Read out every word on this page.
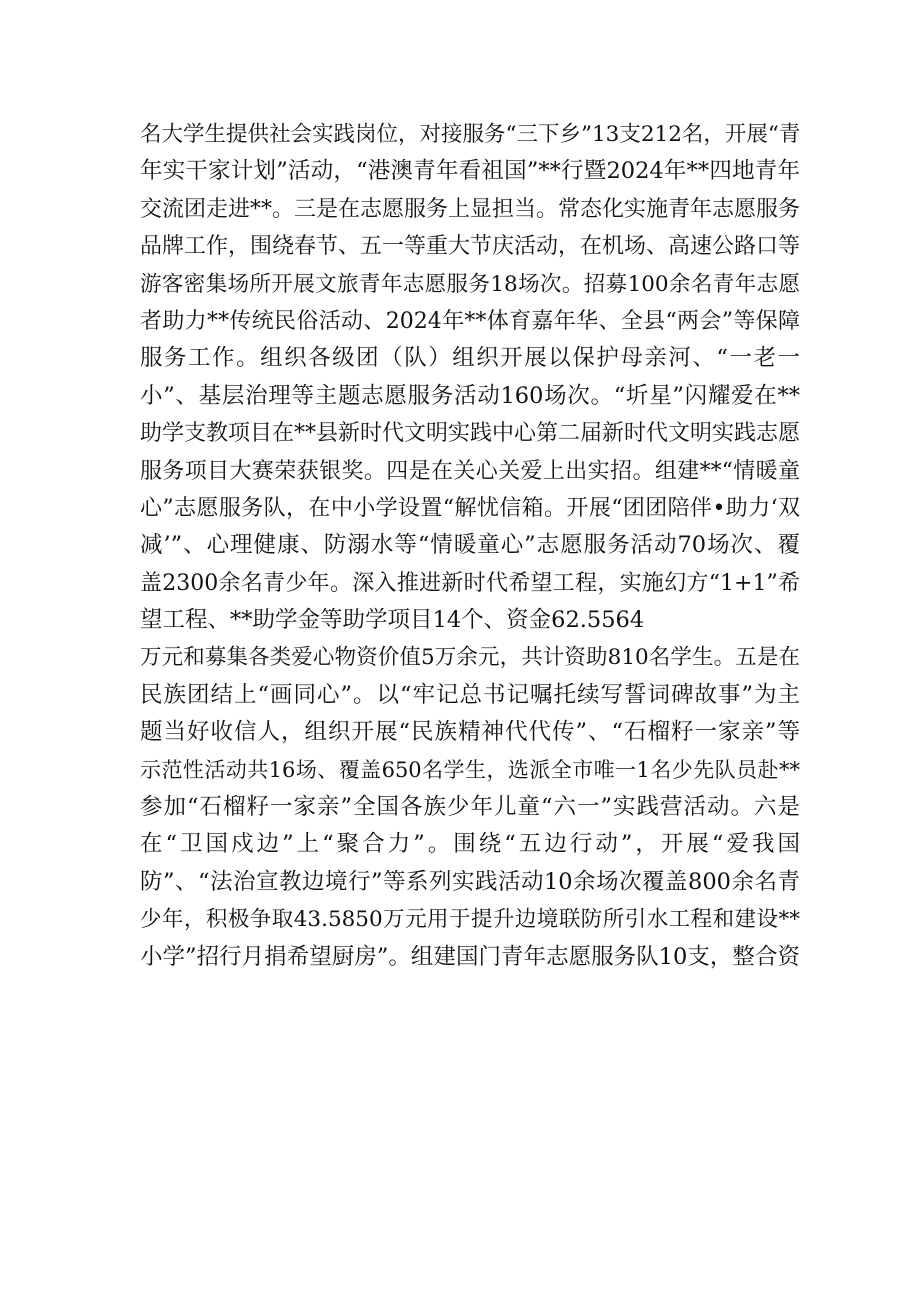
名大学生提供社会实践岗位，对接服务“三下乡”13支212名，开展“青
年实干家计划”活动，“港澳青年看祖国”**行暨2024年**四地青年
交流团走进**。三是在志愿服务上显担当。常态化实施青年志愿服务
品牌工作，围绕春节、五一等重大节庆活动，在机场、高速公路口等
游客密集场所开展文旅青年志愿服务18场次。招募100余名青年志愿
者助力**传统民俗活动、2024年**体育嘉年华、全县“两会”等保障
服务工作。组织各级团（队）组织开展以保护母亲河、“一老一
小”、基层治理等主题志愿服务活动160场次。“圻星”闪耀爱在**
助学支教项目在**县新时代文明实践中心第二届新时代文明实践志愿
服务项目大赛荣获银奖。四是在关心关爱上出实招。组建**“情暖童
心”志愿服务队，在中小学设置“解忧信箱。开展“团团陪伴•助力‘双
减’”、心理健康、防溺水等“情暖童心”志愿服务活动70场次、覆
盖2300余名青少年。深入推进新时代希望工程，实施幻方“1+1”希
望工程、**助学金等助学项目14个、资金62.5564
万元和募集各类爱心物资价值5万余元，共计资助810名学生。五是在
民族团结上“画同心”。以“牢记总书记嘱托续写誓词碑故事”为主
题当好收信人，组织开展“民族精神代代传”、“石榴籽一家亲”等
示范性活动共16场、覆盖650名学生，选派全市唯一1名少先队员赴**
参加“石榴籽一家亲”全国各族少年儿童“六一”实践营活动。六是
在“卫国戍边”上“聚合力”。围绕“五边行动”，开展“爱我国
防”、“法治宣教边境行”等系列实践活动10余场次覆盖800余名青
少年，积极争取43.5850万元用于提升边境联防所引水工程和建设**
小学”招行月捐希望厨房”。组建国门青年志愿服务队10支，整合资
